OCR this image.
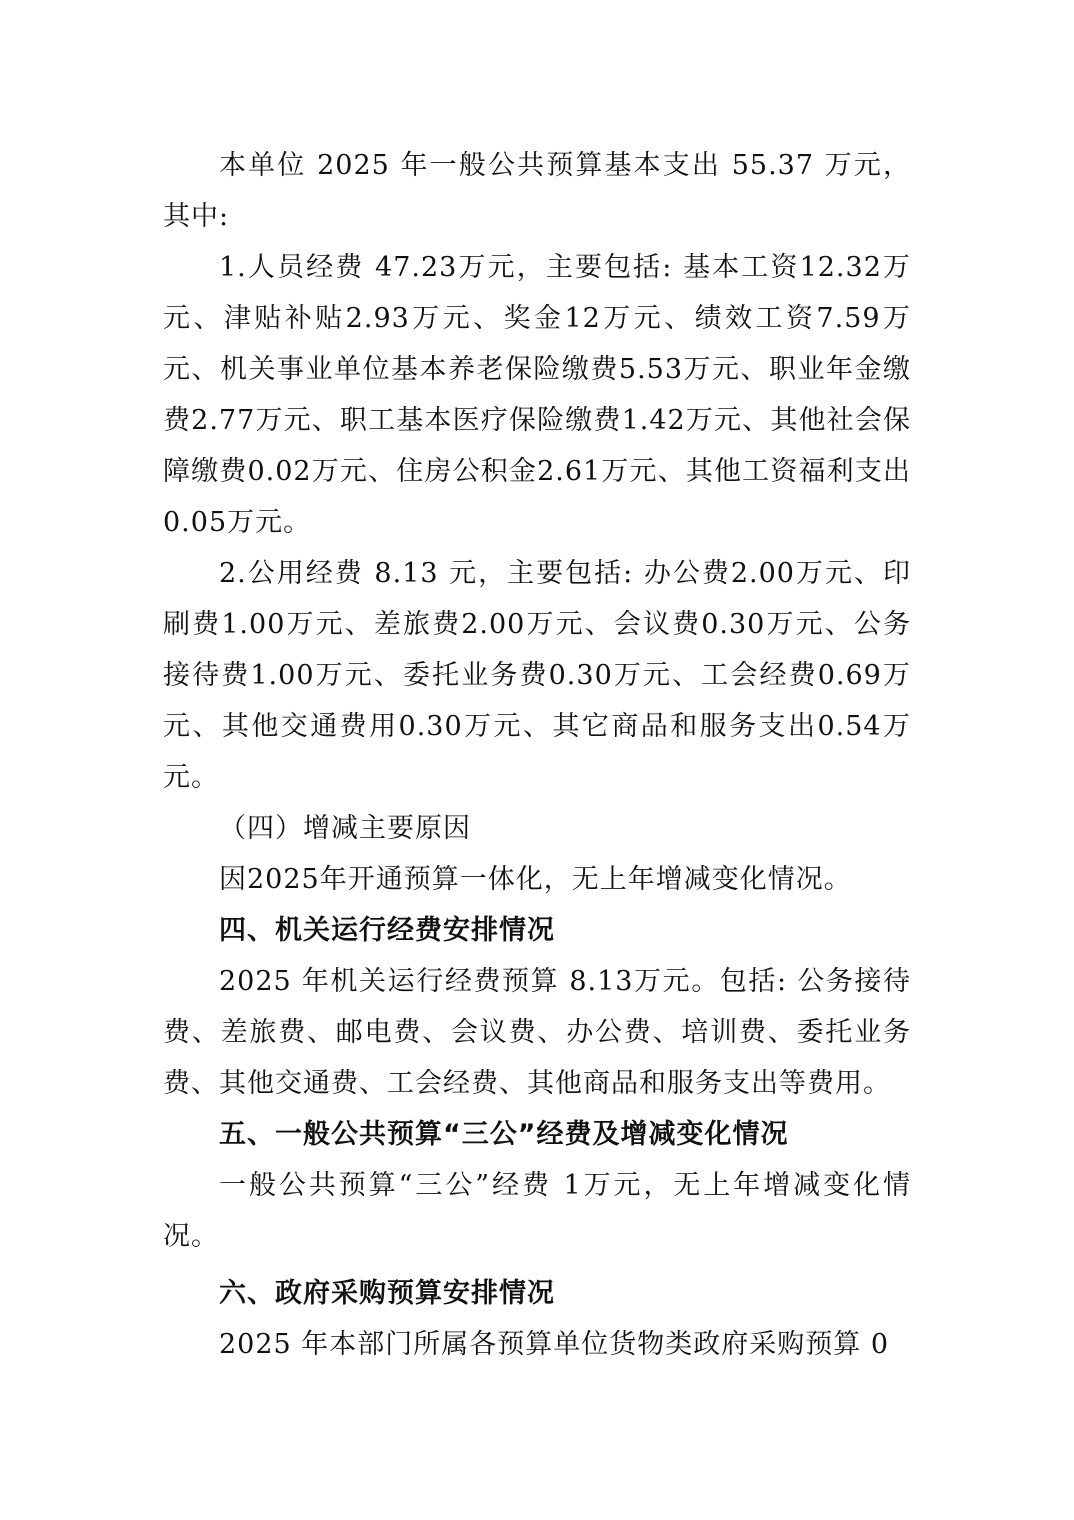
本单位 2025 年一般公共预算基本支出 55.37 万元，其中:

1.人员经费 47.23万元，主要包括: 基本工资12.32万元、津贴补贴2.93万元、奖金12万元、绩效工资7.59万元、机关事业单位基本养老保险缴费5.53万元、职业年金缴费2.77万元、职工基本医疗保险缴费1.42万元、其他社会保障缴费0.02万元、住房公积金2.61万元、其他工资福利支出0.05万元。

2.公用经费 8.13 元，主要包括: 办公费2.00万元、印刷费1.00万元、差旅费2.00万元、会议费0.30万元、公务接待费1.00万元、委托业务费0.30万元、工会经费0.69万元、其他交通费用0.30万元、其它商品和服务支出0.54万元。

（四）增减主要原因

因2025年开通预算一体化，无上年增减变化情况。

四、机关运行经费安排情况

2025 年机关运行经费预算 8.13万元。包括: 公务接待费、差旅费、邮电费、会议费、办公费、培训费、委托业务费、其他交通费、工会经费、其他商品和服务支出等费用。

五、一般公共预算“三公”经费及增减变化情况

一般公共预算“三公”经费 1万元，无上年增减变化情况。

六、政府采购预算安排情况

2025 年本部门所属各预算单位货物类政府采购预算 0
